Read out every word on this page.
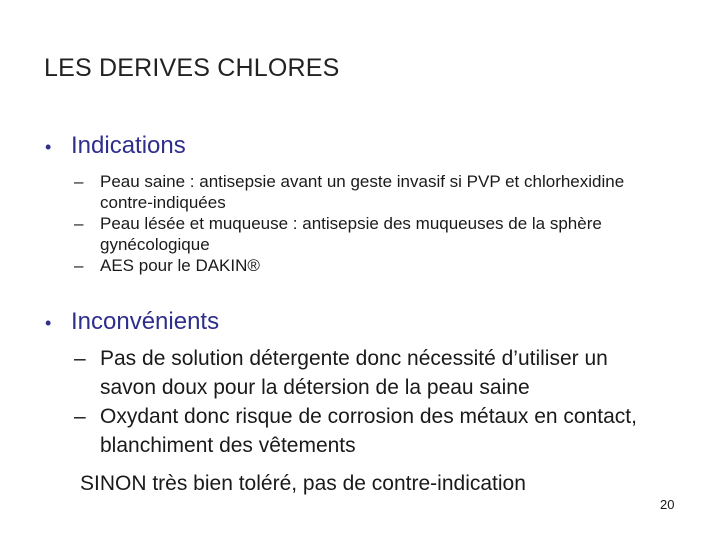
LES DERIVES CHLORES
• Indications
– Peau saine : antisepsie avant un geste invasif si PVP et chlorhexidine contre-indiquées
– Peau lésée et muqueuse : antisepsie des muqueuses de la sphère gynécologique
– AES pour le DAKIN®
• Inconvénients
– Pas de solution détergente donc nécessité d’utiliser un savon doux pour la détersion de la peau saine
– Oxydant donc risque de corrosion des métaux en contact, blanchiment des vêtements
SINON très bien toléré, pas de contre-indication
20
